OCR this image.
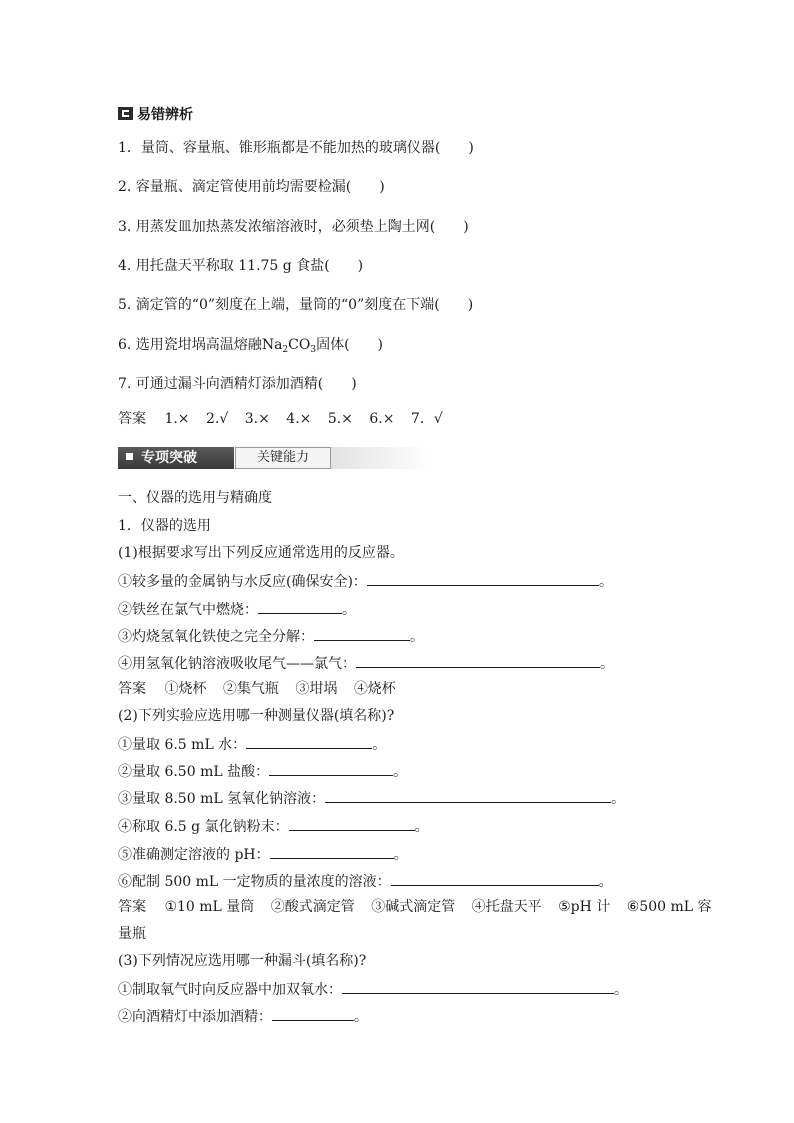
易错辨析
1．量筒、容量瓶、锥形瓶都是不能加热的玻璃仪器(　　)
2. 容量瓶、滴定管使用前均需要检漏(　　)
3. 用蒸发皿加热蒸发浓缩溶液时，必须垫上陶土网(　　)
4. 用托盘天平称取 11.75 g 食盐(　　)
5. 滴定管的“0”刻度在上端，量筒的“0”刻度在下端(　　)
6. 选用瓷坩埚高温熔融$Na_2CO_3$固体(　　)
7. 可通过漏斗向酒精灯添加酒精(　　)
答案 1.× 2.√ 3.× 4.× 5.× 6.× 7．√
专项突破	关键能力
一、仪器的选用与精确度
1．仪器的选用
(1)根据要求写出下列反应通常选用的反应器。
①较多量的金属钠与水反应(确保安全)：	。
②铁丝在氯气中燃烧：	。
③灼烧氢氧化铁使之完全分解：	。
④用氢氧化钠溶液吸收尾气——氯气：	。
答案 ①烧杯 ②集气瓶 ③坩埚 ④烧杯
(2)下列实验应选用哪一种测量仪器(填名称)?
①量取 6.5 mL 水：	。
②量取 6.50 mL 盐酸：	。
③量取 8.50 mL 氢氧化钠溶液：	。
④称取 6.5 g 氯化钠粉末：	。
⑤准确测定溶液的 pH：	。
⑥配制 500 mL 一定物质的量浓度的溶液：	。
答案 ①10 mL 量筒 ②酸式滴定管 ③碱式滴定管 ④托盘天平 ⑤pH 计 ⑥500 mL 容
量瓶
(3)下列情况应选用哪一种漏斗(填名称)?
①制取氧气时向反应器中加双氧水：	。
②向酒精灯中添加酒精：	。
